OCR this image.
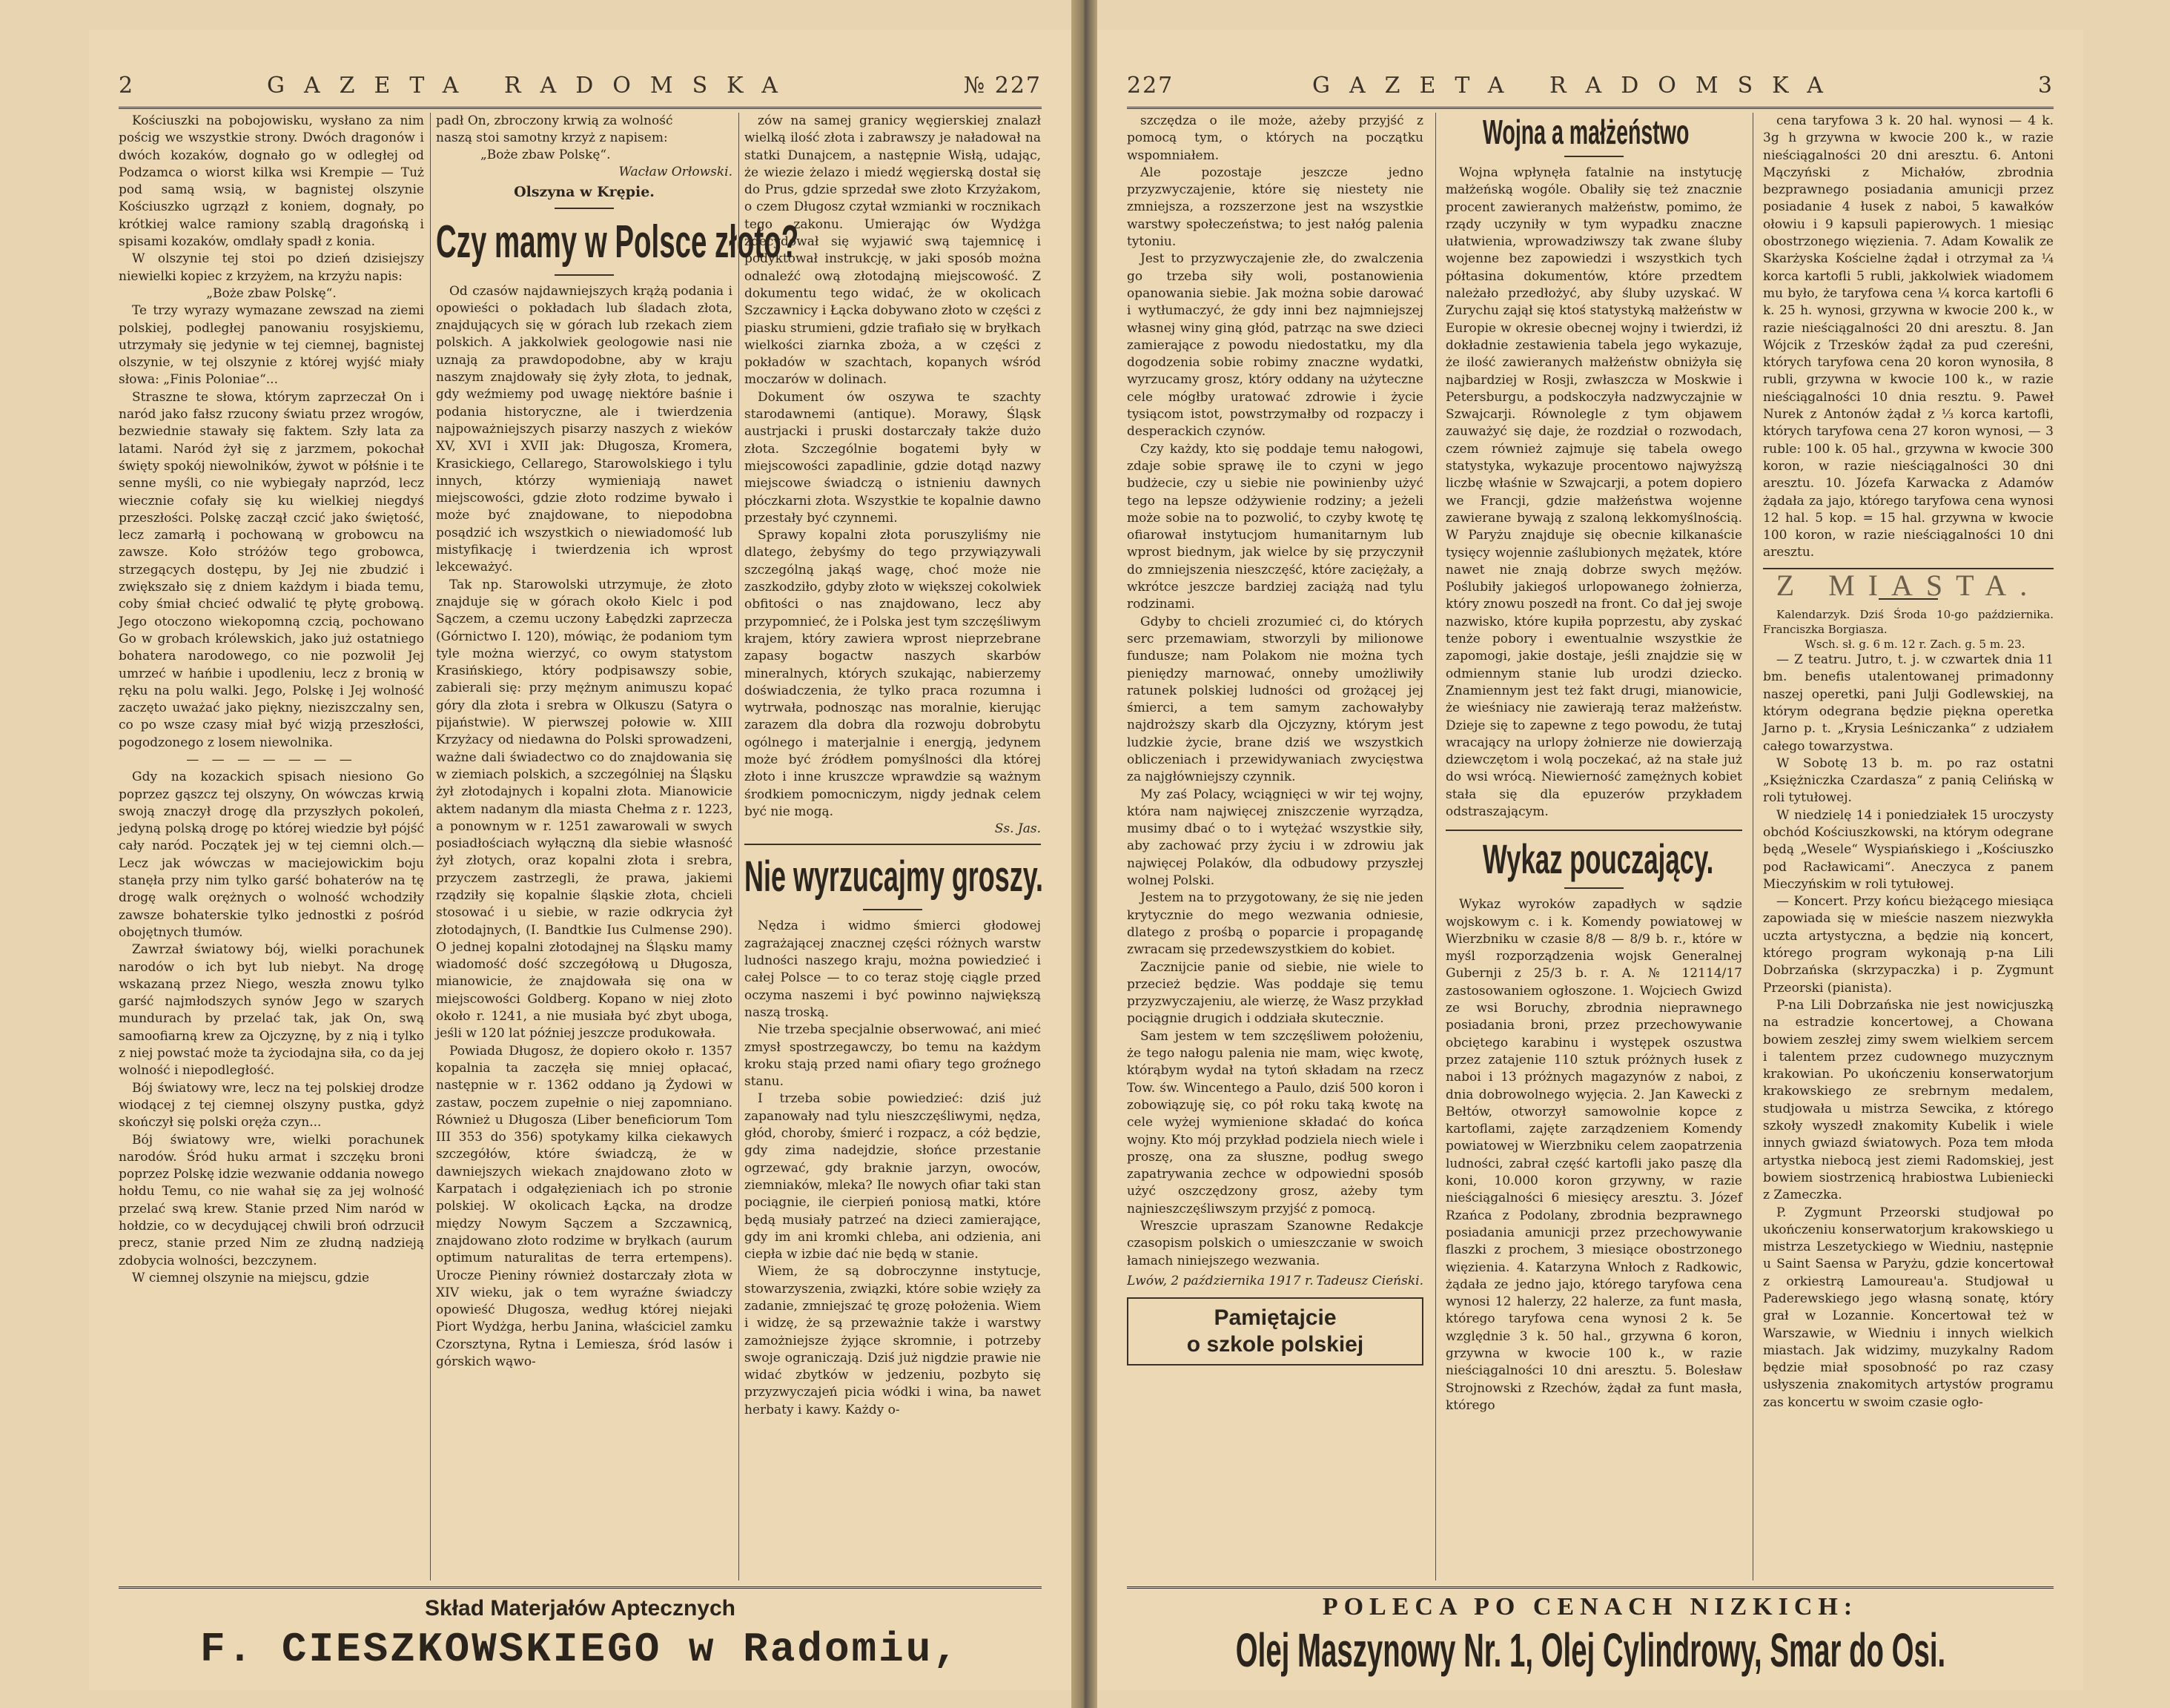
2	GAZETA RADOMSKA	№ 227

Kościuszki na pobojowisku, wysłano za nim pościg we wszystkie strony. Dwóch dragonów i dwóch kozaków, dognało go w odległej od Podzamca o wiorst kilka wsi Krempie — Tuż pod samą wsią, w bagnistej olszynie Kościuszko ugrzązł z koniem, dognały, po krótkiej walce ramiony szablą dragońską i spisami kozaków, omdlały spadł z konia.

W olszynie tej stoi po dzień dzisiejszy niewielki kopiec z krzyżem, na krzyżu napis:

„Boże zbaw Polskę“.

Te trzy wyrazy wymazane zewszad na ziemi polskiej, podległej panowaniu rosyjskiemu, utrzymały się jedynie w tej ciemnej, bagnistej olszynie, w tej olszynie z której wyjść miały słowa: „Finis Poloniae“...

Straszne te słowa, którym zaprzeczał On i naród jako fałsz rzucony światu przez wrogów, bezwiednie stawały się faktem. Szły lata za latami. Naród żył się z jarzmem, pokochał święty spokój niewolników, żywot w półśnie i te senne myśli, co nie wybiegały naprzód, lecz wiecznie cofały się ku wielkiej niegdyś przeszłości. Polskę zaczął czcić jako świętość, lecz zamarłą i pochowaną w grobowcu na zawsze. Koło stróżów tego grobowca, strzegących dostępu, by Jej nie zbudzić i zwiększało się z dniem każdym i biada temu, coby śmiał chcieć odwalić tę płytę grobową. Jego otoczono wiekopomną czcią, pochowano Go w grobach królewskich, jako już ostatniego bohatera narodowego, co nie pozwolił Jej umrzeć w hańbie i upodleniu, lecz z bronią w ręku na polu walki. Jego, Polskę i Jej wolność zaczęto uważać jako piękny, nieziszczalny sen, co po wsze czasy miał być wizją przeszłości, pogodzonego z losem niewolnika.

— — — — — — —

Gdy na kozackich spisach niesiono Go poprzez gąszcz tej olszyny, On wówczas krwią swoją znaczył drogę dla przyszłych pokoleń, jedyną polską drogę po której wiedzie był pójść cały naród. Początek jej w tej ciemni olch.— Lecz jak wówczas w maciejowickim boju stanęła przy nim tylko garść bohaterów na tę drogę walk orężnych o wolność wchodziły zawsze bohaterskie tylko jednostki z pośród obojętnych tłumów.

Zawrzał światowy bój, wielki porachunek narodów o ich byt lub niebyt. Na drogę wskazaną przez Niego, weszła znowu tylko garść najmłodszych synów Jego w szarych mundurach by przelać tak, jak On, swą samoofiarną krew za Ojczyznę, by z nią i tylko z niej powstać może ta życiodajna siła, co da jej wolność i niepodległość.

Bój światowy wre, lecz na tej polskiej drodze wiodącej z tej ciemnej olszyny pustka, gdyż skończył się polski oręża czyn...

Bój światowy wre, wielki porachunek narodów. Śród huku armat i szczęku broni poprzez Polskę idzie wezwanie oddania nowego hołdu Temu, co nie wahał się za jej wolność przelać swą krew. Stanie przed Nim naród w hołdzie, co w decydującej chwili broń odrzucił precz, stanie przed Nim ze złudną nadzieją zdobycia wolności, bezczynem.

W ciemnej olszynie na miejscu, gdzie

padł On, zbroczony krwią za wolność
naszą stoi samotny krzyż z napisem:
„Boże zbaw Polskę“.
Wacław Orłowski.
Olszyna w Krępie.
Czy mamy w Polsce złoto?

Od czasów najdawniejszych krążą podania i opowieści o pokładach lub śladach złota, znajdujących się w górach lub rzekach ziem polskich. A jakkolwiek geologowie nasi nie uznają za prawdopodobne, aby w kraju naszym znajdowały się żyły złota, to jednak, gdy weźmiemy pod uwagę niektóre baśnie i podania historyczne, ale i twierdzenia najpoważniejszych pisarzy naszych z wieków XV, XVI i XVII jak: Długosza, Kromera, Krasickiego, Cellarego, Starowolskiego i tylu innych, którzy wymieniają nawet miejscowości, gdzie złoto rodzime bywało i może być znajdowane, to niepodobna posądzić ich wszystkich o niewiadomość lub mistyfikację i twierdzenia ich wprost lekceważyć.

Tak np. Starowolski utrzymuje, że złoto znajduje się w górach około Kielc i pod Sączem, a czemu uczony Łabędzki zaprzecza (Górnictwo I. 120), mówiąc, że podaniom tym tyle można wierzyć, co owym statystom Krasińskiego, który podpisawszy sobie, zabierali się: przy mężnym animuszu kopać góry dla złota i srebra w Olkuszu (Satyra o pijaństwie). W pierwszej połowie w. XIII Krzyżacy od niedawna do Polski sprowadzeni, ważne dali świadectwo co do znajdowania się w ziemiach polskich, a szczególniej na Śląsku żył złotodajnych i kopalni złota. Mianowicie aktem nadanym dla miasta Chełma z r. 1223, a ponownym w r. 1251 zawarowali w swych posiadłościach wyłączną dla siebie własność żył złotych, oraz kopalni złota i srebra, przyczem zastrzegli, że prawa, jakiemi rządziły się kopalnie śląskie złota, chcieli stosować i u siebie, w razie odkrycia żył złotodajnych, (I. Bandtkie Ius Culmense 290). O jednej kopalni złotodajnej na Śląsku mamy wiadomość dość szczegółową u Długosza, mianowicie, że znajdowała się ona w miejscowości Goldberg. Kopano w niej złoto około r. 1241, a nie musiała być zbyt uboga, jeśli w 120 lat później jeszcze produkowała.

Powiada Długosz, że dopiero około r. 1357 kopalnia ta zaczęła się mniej opłacać, następnie w r. 1362 oddano ją Żydowi w zastaw, poczem zupełnie o niej zapomniano. Również u Długosza (Liber beneficiorum Tom III 353 do 356) spotykamy kilka ciekawych szczegółów, które świadczą, że w dawniejszych wiekach znajdowano złoto w Karpatach i odgałęzieniach ich po stronie polskiej. W okolicach Łącka, na drodze między Nowym Sączem a Szczawnicą, znajdowano złoto rodzime w bryłkach (aurum optimum naturalitas de terra ertempens). Urocze Pieniny również dostarczały złota w XIV wieku, jak o tem wyraźne świadczy opowieść Długosza, według której niejaki Piort Wydżga, herbu Janina, właściciel zamku Czorsztyna, Rytna i Lemiesza, śród lasów i górskich wąwo-

zów na samej granicy węgierskiej znalazł wielką ilość złota i zabrawszy je naładował na statki Dunajcem, a następnie Wisłą, udając, że wiezie żelazo i miedź węgierską dostał się do Prus, gdzie sprzedał swe złoto Krzyżakom, o czem Długosz czytał wzmianki w rocznikach tego zakonu. Umierając ów Wydżga zdecydował się wyjawić swą tajemnicę i podyktował instrukcję, w jaki sposób można odnaleźć ową złotodajną miejscowość. Z dokumentu tego widać, że w okolicach Szczawnicy i Łącka dobywano złoto w części z piasku strumieni, gdzie trafiało się w bryłkach wielkości ziarnka zboża, a w części z pokładów w szachtach, kopanych wśród moczarów w dolinach.

Dokument ów oszywa te szachty starodawnemi (antique). Morawy, Śląsk austrjacki i pruski dostarczały także dużo złota. Szczególnie bogatemi były w miejscowości zapadlinie, gdzie dotąd nazwy miejscowe świadczą o istnieniu dawnych płóczkarni złota. Wszystkie te kopalnie dawno przestały być czynnemi.

Sprawy kopalni złota poruszyliśmy nie dlatego, żebyśmy do tego przywiązywali szczególną jakąś wagę, choć może nie zaszkodziło, gdyby złoto w większej cokolwiek obfitości o nas znajdowano, lecz aby przypomnieć, że i Polska jest tym szczęśliwym krajem, który zawiera wprost nieprzebrane zapasy bogactw naszych skarbów mineralnych, których szukając, nabierzemy doświadczenia, że tylko praca rozumna i wytrwała, podnosząc nas moralnie, kierując zarazem dla dobra dla rozwoju dobrobytu ogólnego i materjalnie i energją, jedynem może być źródłem pomyślności dla której złoto i inne kruszcze wprawdzie są ważnym środkiem pomocniczym, nigdy jednak celem być nie mogą.

Ss. Jas.
Nie wyrzucajmy groszy.

Nędza i widmo śmierci głodowej zagrażającej znacznej części różnych warstw ludności naszego kraju, można powiedzieć i całej Polsce — to co teraz stoję ciągle przed oczyma naszemi i być powinno największą naszą troską.

Nie trzeba specjalnie obserwować, ani mieć zmysł spostrzegawczy, bo temu na każdym kroku stają przed nami ofiary tego groźnego stanu.

I trzeba sobie powiedzieć: dziś już zapanowały nad tylu nieszczęśliwymi, nędza, głód, choroby, śmierć i rozpacz, a cóż będzie, gdy zima nadejdzie, słońce przestanie ogrzewać, gdy braknie jarzyn, owoców, ziemniaków, mleka? Ile nowych ofiar taki stan pociągnie, ile cierpień poniosą matki, które będą musiały patrzeć na dzieci zamierające, gdy im ani kromki chleba, ani odzienia, ani ciepła w izbie dać nie będą w stanie.

Wiem, że są dobroczynne instytucje, stowarzyszenia, związki, które sobie wzięły za zadanie, zmniejszać tę grozę położenia. Wiem i widzę, że są przeważnie także i warstwy zamożniejsze żyjące skromnie, i potrzeby swoje ograniczają. Dziś już nigdzie prawie nie widać zbytków w jedzeniu, pozbyto się przyzwyczajeń picia wódki i wina, ba nawet herbaty i kawy. Każdy o-

Skład Materjałów Aptecznych
F. CIESZKOWSKIEGO w Radomiu,
227	GAZETA RADOMSKA	3

szczędza o ile może, ażeby przyjść z pomocą tym, o których na początku wspomniałem.

Ale pozostaje jeszcze jedno przyzwyczajenie, które się niestety nie zmniejsza, a rozszerzone jest na wszystkie warstwy społeczeństwa; to jest nałóg palenia tytoniu.

Jest to przyzwyczajenie złe, do zwalczenia go trzeba siły woli, postanowienia opanowania siebie. Jak można sobie darować i wytłumaczyć, że gdy inni bez najmniejszej własnej winy giną głód, patrząc na swe dzieci zamierające z powodu niedostatku, my dla dogodzenia sobie robimy znaczne wydatki, wyrzucamy grosz, który oddany na użyteczne cele mógłby uratować zdrowie i życie tysiącom istot, powstrzymałby od rozpaczy i desperackich czynów.

Czy każdy, kto się poddaje temu nałogowi, zdaje sobie sprawę ile to czyni w jego budżecie, czy u siebie nie powinienby użyć tego na lepsze odżywienie rodziny; a jeżeli może sobie na to pozwolić, to czyby kwotę tę ofiarował instytucjom humanitarnym lub wprost biednym, jak wielce by się przyczynił do zmniejszenia nieszczęść, które zaciężały, a wkrótce jeszcze bardziej zaciążą nad tylu rodzinami.

Gdyby to chcieli zrozumieć ci, do których serc przemawiam, stworzyli by milionowe fundusze; nam Polakom nie można tych pieniędzy marnować, onneby umożliwiły ratunek polskiej ludności od grożącej jej śmierci, a tem samym zachowałyby najdroższy skarb dla Ojczyzny, którym jest ludzkie życie, brane dziś we wszystkich obliczeniach i przewidywaniach zwycięstwa za najgłówniejszy czynnik.

My zaś Polacy, wciągnięci w wir tej wojny, która nam najwięcej zniszczenie wyrządza, musimy dbać o to i wytężać wszystkie siły, aby zachować przy życiu i w zdrowiu jak najwięcej Polaków, dla odbudowy przyszłej wolnej Polski.

Jestem na to przygotowany, że się nie jeden krytycznie do mego wezwania odniesie, dlatego z prośbą o poparcie i propagandę zwracam się przedewszystkiem do kobiet.

Zacznijcie panie od siebie, nie wiele to przecież będzie. Was poddaje się temu przyzwyczajeniu, ale wierzę, że Wasz przykład pociągnie drugich i oddziała skutecznie.

Sam jestem w tem szczęśliwem położeniu, że tego nałogu palenia nie mam, więc kwotę, którąbym wydał na tytoń składam na rzecz Tow. św. Wincentego a Paulo, dziś 500 koron i zobowiązuję się, co pół roku taką kwotę na cele wyżej wymienione składać do końca wojny. Kto mój przykład podziela niech wiele i proszę, ona za słuszne, podług swego zapatrywania zechce w odpowiedni sposób użyć oszczędzony grosz, ażeby tym najnieszczęśliwszym przyjść z pomocą.

Wreszcie upraszam Szanowne Redakcje czasopism polskich o umieszczanie w swoich łamach niniejszego wezwania.

Lwów, 2 października 1917 r. Tadeusz Cieński.
Pamiętajcie
o szkole polskiej
Wojna a małżeństwo

Wojna wpłynęła fatalnie na instytucję małżeńską wogóle. Obaliły się też znacznie procent zawieranych małżeństw, pomimo, że rządy uczyniły w tym wypadku znaczne ułatwienia, wprowadziwszy tak zwane śluby wojenne bez zapowiedzi i wszystkich tych półtasina dokumentów, które przedtem należało przedłożyć, aby śluby uzyskać. W Zurychu zajął się ktoś statystyką małżeństw w Europie w okresie obecnej wojny i twierdzi, iż dokładnie zestawienia tabela jego wykazuje, że ilość zawieranych małżeństw obniżyła się najbardziej w Rosji, zwłaszcza w Moskwie i Petersburgu, a podskoczyła nadzwyczajnie w Szwajcarji. Równolegle z tym objawem zauważyć się daje, że rozdział o rozwodach, czem również zajmuje się tabela owego statystyka, wykazuje procentowo najwyższą liczbę właśnie w Szwajcarji, a potem dopiero we Francji, gdzie małżeństwa wojenne zawierane bywają z szaloną lekkomyślnością. W Paryżu znajduje się obecnie kilkanaście tysięcy wojennie zaślubionych mężatek, które nawet nie znają dobrze swych mężów. Poślubiły jakiegoś urlopowanego żołnierza, który znowu poszedł na front. Co dał jej swoje nazwisko, które kupiła poprzestu, aby zyskać tenże pobory i ewentualnie wszystkie że zapomogi, jakie dostaje, jeśli znajdzie się w odmiennym stanie lub urodzi dziecko. Znamiennym jest też fakt drugi, mianowicie, że wieśniacy nie zawierają teraz małżeństw. Dzieje się to zapewne z tego powodu, że tutaj wracający na urlopy żołnierze nie dowierzają dziewczętom i wolą poczekać, aż na stałe już do wsi wrócą. Niewierność zamężnych kobiet stała się dla epuzerów przykładem odstraszającym.

Wykaz pouczający.

Wykaz wyroków zapadłych w sądzie wojskowym c. i k. Komendy powiatowej w Wierzbniku w czasie 8/8 — 8/9 b. r., które w myśl rozporządzenia wojsk Generalnej Gubernji z 25/3 b. r. A. № 12114/17 zastosowaniem ogłoszone. 1. Wojciech Gwizd ze wsi Boruchy, zbrodnia nieprawnego posiadania broni, przez przechowywanie obciętego karabinu i występek oszustwa przez zatajenie 110 sztuk próżnych łusek z naboi i 13 próżnych magazynów z naboi, z dnia dobrowolnego wyjęcia. 2. Jan Kawecki z Bełtów, otworzył samowolnie kopce z kartoflami, zajęte zarządzeniem Komendy powiatowej w Wierzbniku celem zaopatrzenia ludności, zabrał część kartofli jako paszę dla koni, 10.000 koron grzywny, w razie nieściągalności 6 miesięcy aresztu. 3. Józef Rzańca z Podolany, zbrodnia bezprawnego posiadania amunicji przez przechowywanie flaszki z prochem, 3 miesiące obostrzonego więzienia. 4. Katarzyna Wnłoch z Radkowic, żądała ze jedno jajo, którego taryfowa cena wynosi 12 halerzy, 22 halerze, za funt masła, którego taryfowa cena wynosi 2 k. 5e względnie 3 k. 50 hal., grzywna 6 koron, grzywna w kwocie 100 k., w razie nieściągalności 10 dni aresztu. 5. Bolesław Strojnowski z Rzechów, żądał za funt masła, którego

cena taryfowa 3 k. 20 hal. wynosi — 4 k. 3g h grzywna w kwocie 200 k., w razie nieściągalności 20 dni aresztu. 6. Antoni Mączyński z Michałów, zbrodnia bezprawnego posiadania amunicji przez posiadanie 4 łusek z naboi, 5 kawałków ołowiu i 9 kapsuli papierowych. 1 miesiąc obostrzonego więzienia. 7. Adam Kowalik ze Skarżyska Kościelne żądał i otrzymał za ¼ korca kartofli 5 rubli, jakkolwiek wiadomem mu było, że taryfowa cena ¼ korca kartofli 6 k. 25 h. wynosi, grzywna w kwocie 200 k., w razie nieściągalności 20 dni aresztu. 8. Jan Wójcik z Trzesków żądał za pud czereśni, których taryfowa cena 20 koron wynosiła, 8 rubli, grzywna w kwocie 100 k., w razie nieściągalności 10 dnia resztu. 9. Paweł Nurek z Antonów żądał z ⅓ korca kartofli, których taryfowa cena 27 koron wynosi, — 3 ruble: 100 k. 05 hal., grzywna w kwocie 300 koron, w razie nieściągalności 30 dni aresztu. 10. Józefa Karwacka z Adamów żądała za jajo, którego taryfowa cena wynosi 12 hal. 5 kop. = 15 hal. grzywna w kwocie 100 koron, w razie nieściągalności 10 dni aresztu.

Z MIASTA.

Kalendarzyk. Dziś Środa 10-go października. Franciszka Borgiasza.

Wsch. sł. g. 6 m. 12 r. Zach. g. 5 m. 23.

— Z teatru. Jutro, t. j. w czwartek dnia 11 bm. benefis utalentowanej primadonny naszej operetki, pani Julji Godlewskiej, na którym odegrana będzie piękna operetka Jarno p. t. „Krysia Leśniczanka“ z udziałem całego towarzystwa.

W Sobotę 13 b. m. po raz ostatni „Księżniczka Czardasza“ z panią Celińską w roli tytułowej.

W niedzielę 14 i poniedziałek 15 uroczysty obchód Kościuszkowski, na którym odegrane będą „Wesele“ Wyspiańskiego i „Kościuszko pod Racławicami“. Aneczyca z panem Mieczyńskim w roli tytułowej.

— Koncert. Przy końcu bieżącego miesiąca zapowiada się w mieście naszem niezwykła uczta artystyczna, a będzie nią koncert, którego program wykonają p-na Lili Dobrzańska (skrzypaczka) i p. Zygmunt Przeorski (pianista).

P-na Lili Dobrzańska nie jest nowicjuszką na estradzie koncertowej, a Chowana bowiem zeszłej zimy swem wielkiem sercem i talentem przez cudownego muzycznym krakowian. Po ukończeniu konserwatorjum krakowskiego ze srebrnym medalem, studjowała u mistrza Sewcika, z którego szkoły wyszedł znakomity Kubelik i wiele innych gwiazd światowych. Poza tem młoda artystka niebocą jest ziemi Radomskiej, jest bowiem siostrzenicą hrabiostwa Lubieniecki z Zameczka.

P. Zygmunt Przeorski studjował po ukończeniu konserwatorjum krakowskiego u mistrza Leszetyckiego w Wiedniu, następnie u Saint Saensa w Paryżu, gdzie koncertował z orkiestrą Lamoureau'a. Studjował u Paderewskiego jego własną sonatę, który grał w Lozannie. Koncertował też w Warszawie, w Wiedniu i innych wielkich miastach. Jak widzimy, muzykalny Radom będzie miał sposobność po raz czasy usłyszenia znakomitych artystów programu zas koncertu w swoim czasie ogło-

POLECA PO CENACH NIZKICH:
Olej Maszynowy Nr. 1, Olej Cylindrowy, Smar do Osi.
